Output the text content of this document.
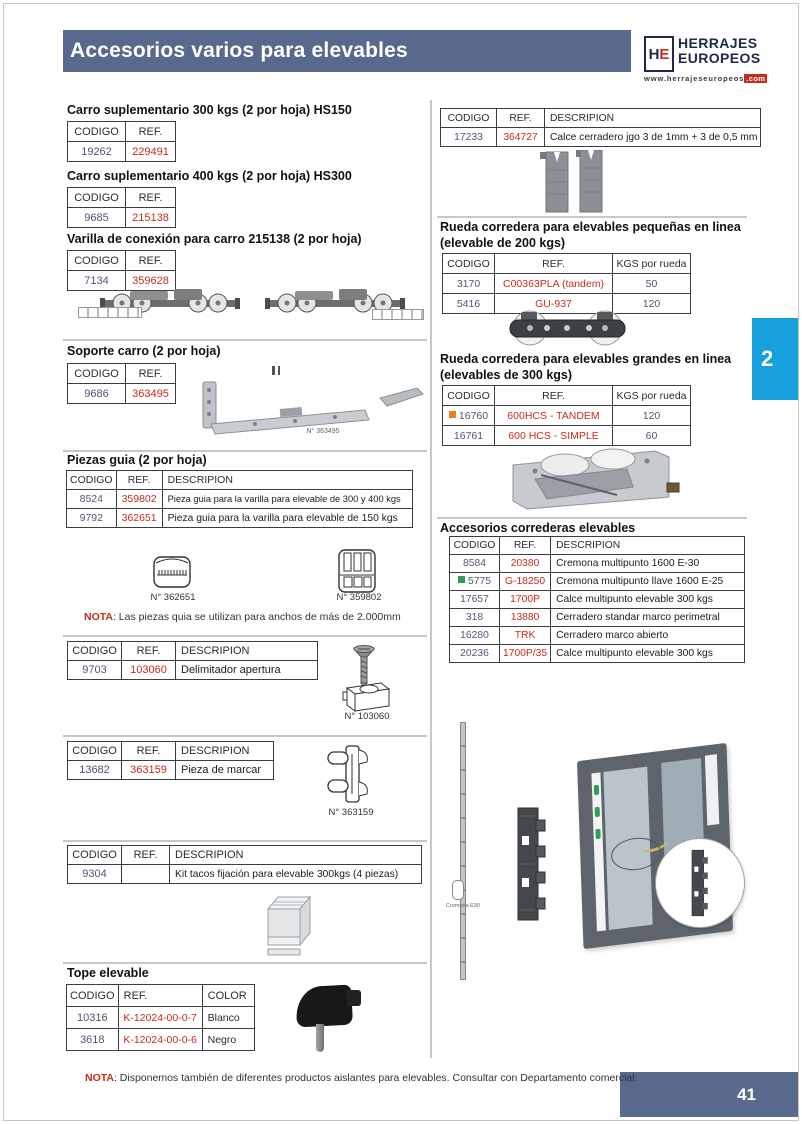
Accesorios varios para elevables	H E
HERRAJES
EUROPEOS
www.herrajeseuropeos .com
2
41
Carro suplementario 300 kgs (2 por hoja) HS150
CODIGO	REF.
19262	229491
Carro suplementario 400 kgs (2 por hoja) HS300
CODIGO	REF.
9685	215138
Varilla de conexión para carro 215138 (2 por hoja)
CODIGO	REF.
7134	359628
Soporte carro (2 por hoja)
CODIGO	REF.
9686	363495
N° 363495
Piezas guia (2 por hoja)
CODIGO	REF.	DESCRIPION
8524	359802	Pieza guia para la varilla para elevable de 300 y 400 kgs
9792	362651	Pieza guia para la varilla para elevable de 150 kgs
N° 362651	N° 359802
NOTA: Las piezas quia se utilizan para anchos de más de 2.000mm
CODIGO	REF.	DESCRIPION
9703	103060	Delimitador apertura
N° 103060
CODIGO	REF.	DESCRIPION
13682	363159	Pieza de marcar
N° 363159
CODIGO	REF.	DESCRIPION
9304		Kit tacos fijación para elevable 300kgs (4 piezas)
Tope elevable
CODIGO	REF.	COLOR
10316	K-12024-00-0-7	Blanco
3618	K-12024-00-0-6	Negro
NOTA: Disponemos también de diferentes productos aislantes para elevables. Consultar con Departamento comercial.
CODIGO	REF.	DESCRIPION
17233	364727	Calce cerradero jgo 3 de 1mm + 3 de 0,5 mm
Rueda corredera para elevables pequeñas en linea
(elevable de 200 kgs)
CODIGO	REF.	KGS por rueda
3170	C00363PLA (tandem)	50
5416	GU-937	120
Rueda corredera para elevables grandes en linea
(elevables de 300 kgs)
CODIGO	REF.	KGS por rueda
16760	600HCS - TANDEM	120
16761	600 HCS - SIMPLE	60
Accesorios correderas elevables
CODIGO	REF.	DESCRIPION
8584	20380	Cremona multipunto 1600 E-30
5775	G-18250	Cremona multipunto llave 1600 E-25
17657	1700P	Calce multipunto elevable 300 kgs
318	13880	Cerradero standar marco perimetral
16280	TRK	Cerradero marco abierto
20236	1700P/35	Calce multipunto elevable 300 kgs
Cremona E30
